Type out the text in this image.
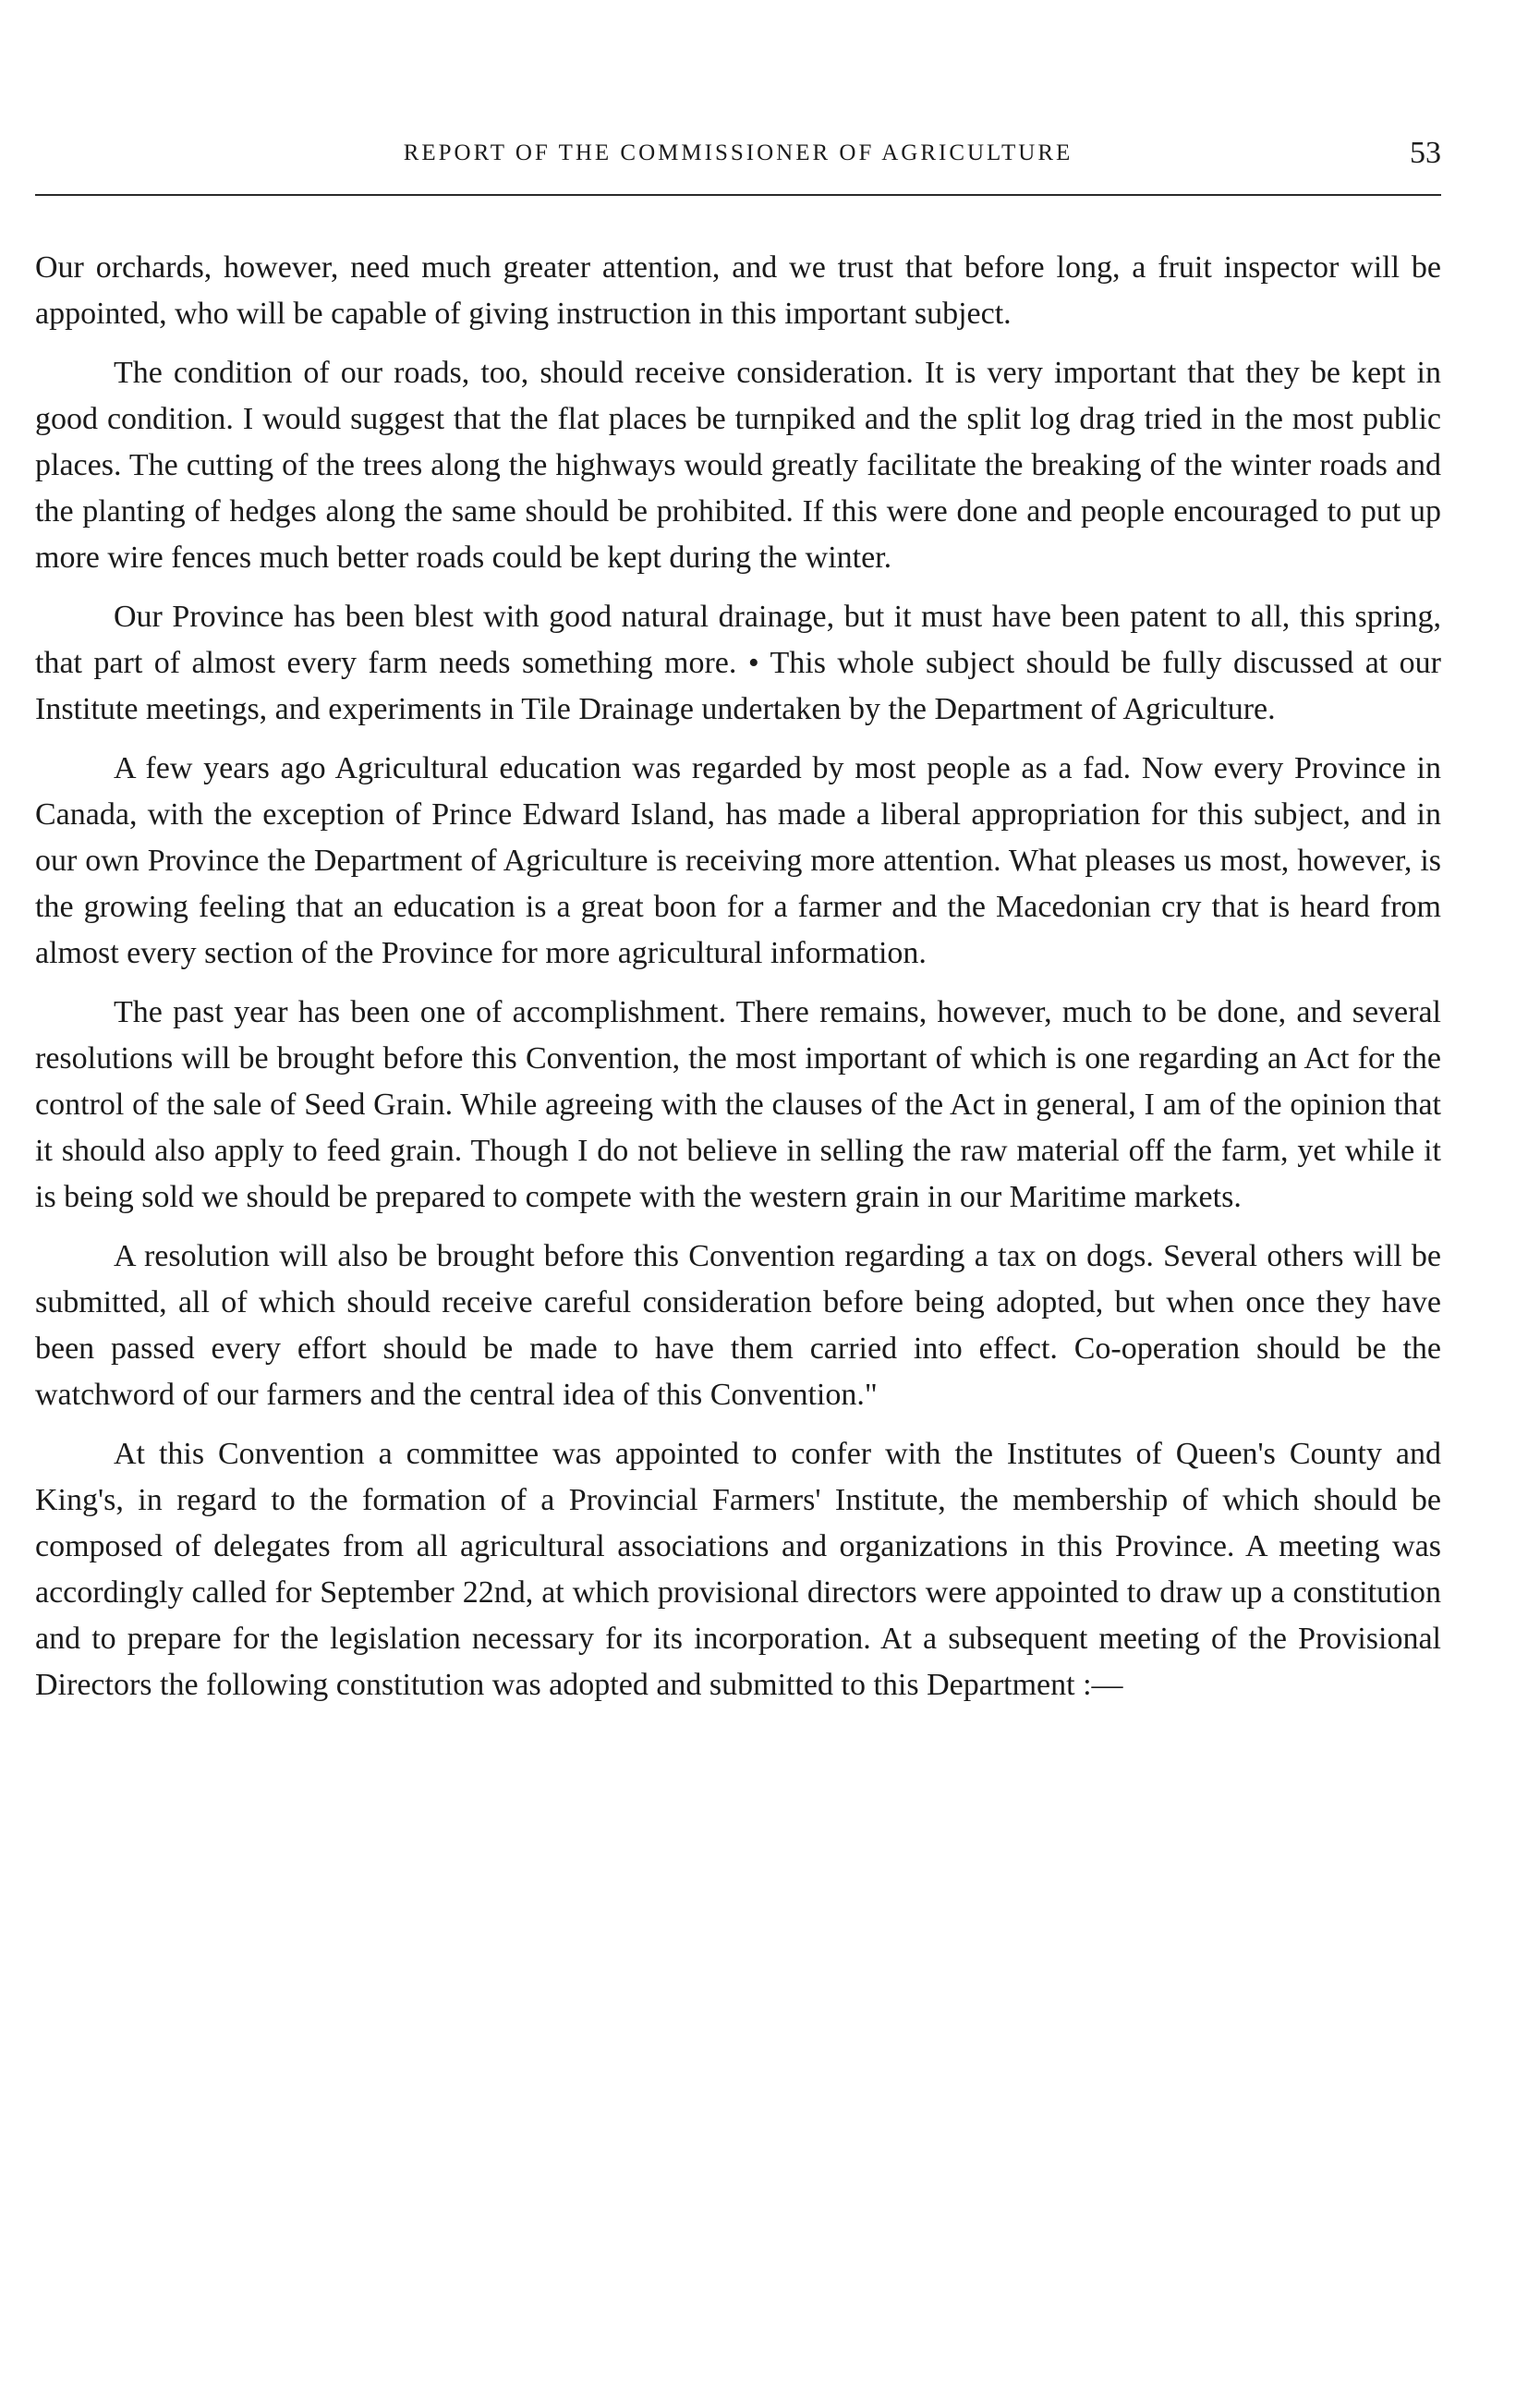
REPORT OF THE COMMISSIONER OF AGRICULTURE	53

Our orchards, however, need much greater attention, and we trust that before long, a fruit inspector will be appointed, who will be capable of giving instruction in this important subject.

The condition of our roads, too, should receive consideration. It is very important that they be kept in good condition. I would suggest that the flat places be turnpiked and the split log drag tried in the most public places. The cutting of the trees along the highways would greatly facilitate the breaking of the winter roads and the planting of hedges along the same should be prohibited. If this were done and people encouraged to put up more wire fences much better roads could be kept during the winter.

Our Province has been blest with good natural drainage, but it must have been patent to all, this spring, that part of almost every farm needs something more. • This whole subject should be fully discussed at our Institute meetings, and experiments in Tile Drainage undertaken by the Department of Agriculture.

A few years ago Agricultural education was regarded by most people as a fad. Now every Province in Canada, with the exception of Prince Edward Island, has made a liberal appropriation for this subject, and in our own Province the Department of Agriculture is receiving more attention. What pleases us most, however, is the growing feeling that an education is a great boon for a farmer and the Macedonian cry that is heard from almost every section of the Province for more agricultural information.

The past year has been one of accomplishment. There remains, however, much to be done, and several resolutions will be brought before this Convention, the most important of which is one regarding an Act for the control of the sale of Seed Grain. While agreeing with the clauses of the Act in general, I am of the opinion that it should also apply to feed grain. Though I do not believe in selling the raw material off the farm, yet while it is being sold we should be prepared to compete with the western grain in our Maritime markets.

A resolution will also be brought before this Convention regarding a tax on dogs. Several others will be submitted, all of which should receive careful consideration before being adopted, but when once they have been passed every effort should be made to have them carried into effect. Co-operation should be the watchword of our farmers and the central idea of this Convention."

At this Convention a committee was appointed to confer with the Institutes of Queen's County and King's, in regard to the formation of a Provincial Farmers' Institute, the membership of which should be composed of delegates from all agricultural associations and organizations in this Province. A meeting was accordingly called for September 22nd, at which provisional directors were appointed to draw up a constitution and to prepare for the legislation necessary for its incorporation. At a subsequent meeting of the Provisional Directors the following constitution was adopted and submitted to this Department :—
